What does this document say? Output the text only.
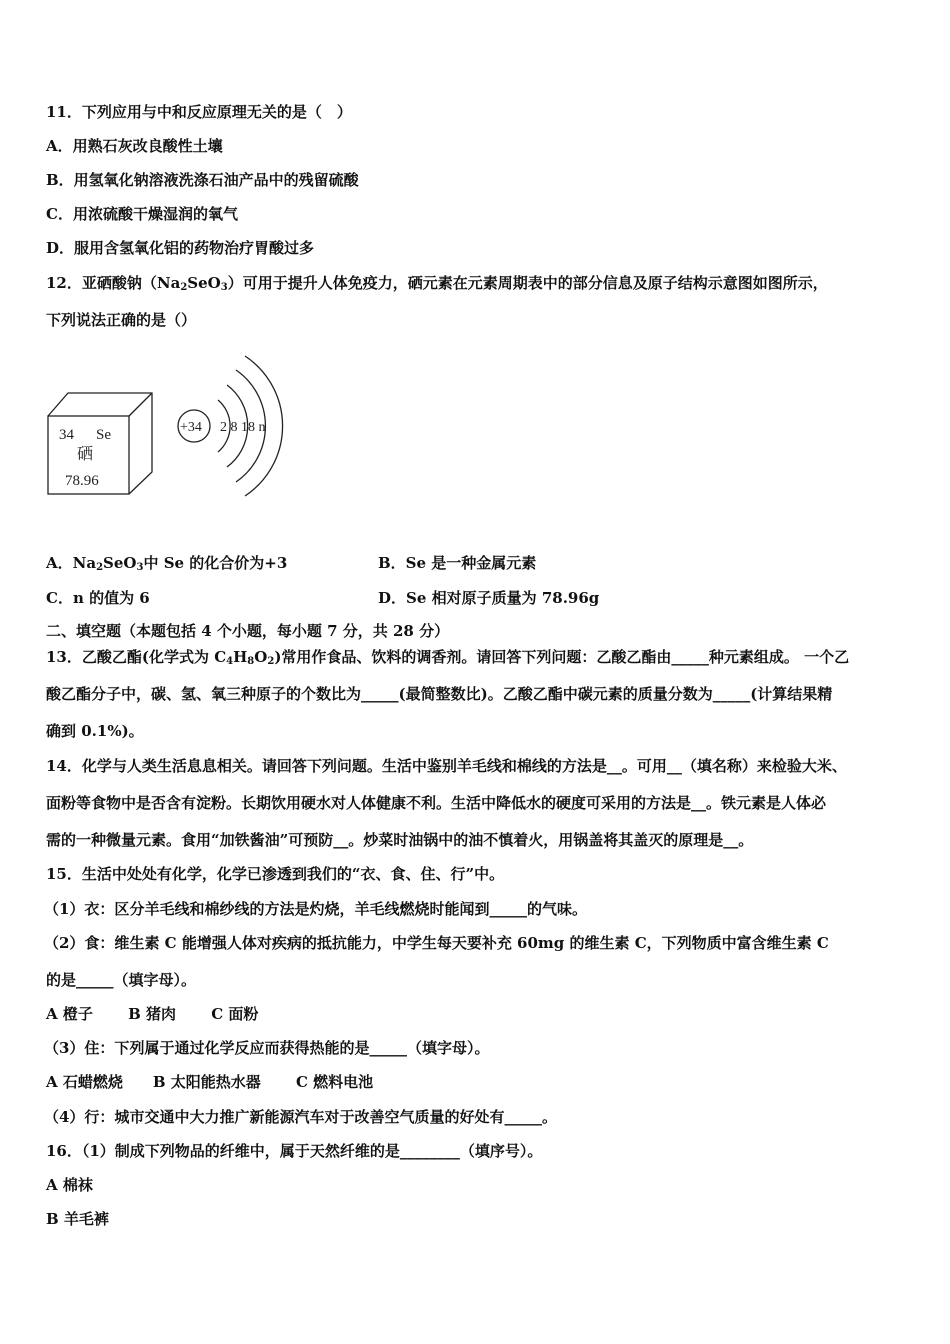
11．下列应用与中和反应原理无关的是（　）
A．用熟石灰改良酸性土壤
B．用氢氧化钠溶液洗涤石油产品中的残留硫酸
C．用浓硫酸干燥湿润的氧气
D．服用含氢氧化铝的药物治疗胃酸过多
12．亚硒酸钠$(Na_2SeO_3)$可用于提升人体免疫力，硒元素在元素周期表中的部分信息及原子结构示意图如图所示，
下列说法正确的是（）
34 Se
硒
78.96
+34 2 8 18 n
A．$Na_2SeO_3$中 Se 的化合价为+3	B．Se 是一种金属元素
C．n 的值为 6	D．Se 相对原子质量为 78.96g
二、填空题（本题包括 4 个小题，每小题 7 分，共 28 分）
13．乙酸乙酯(化学式为 $C_4H_8O_2$)常用作食品、饮料的调香剂。请回答下列问题：乙酸乙酯由_____种元素组成。 一个乙
酸乙酯分子中，碳、氢、氧三种原子的个数比为_____(最简整数比)。乙酸乙酯中碳元素的质量分数为_____(计算结果精
确到 0.1%)。
14．化学与人类生活息息相关。请回答下列问题。生活中鉴别羊毛线和棉线的方法是__。可用__（填名称）来检验大米、
面粉等食物中是否含有淀粉。长期饮用硬水对人体健康不利。生活中降低水的硬度可采用的方法是__。铁元素是人体必
需的一种微量元素。食用“加铁酱油”可预防__。炒菜时油锅中的油不慎着火，用锅盖将其盖灭的原理是__。
15．生活中处处有化学，化学已渗透到我们的“衣、食、住、行”中。
（1）衣：区分羊毛线和棉纱线的方法是灼烧，羊毛线燃烧时能闻到_____的气味。
（2）食：维生素 C 能增强人体对疾病的抵抗能力，中学生每天要补充 60mg 的维生素 C，下列物质中富含维生素 C
的是_____（填字母）。
A 橙子　　 B 猪肉　　 C 面粉
（3）住：下列属于通过化学反应而获得热能的是_____（填字母）。
A 石蜡燃烧　　B 太阳能热水器　　 C 燃料电池
（4）行：城市交通中大力推广新能源汽车对于改善空气质量的好处有_____。
16．（1）制成下列物品的纤维中，属于天然纤维的是________（填序号）。
A 棉袜
B 羊毛裤
